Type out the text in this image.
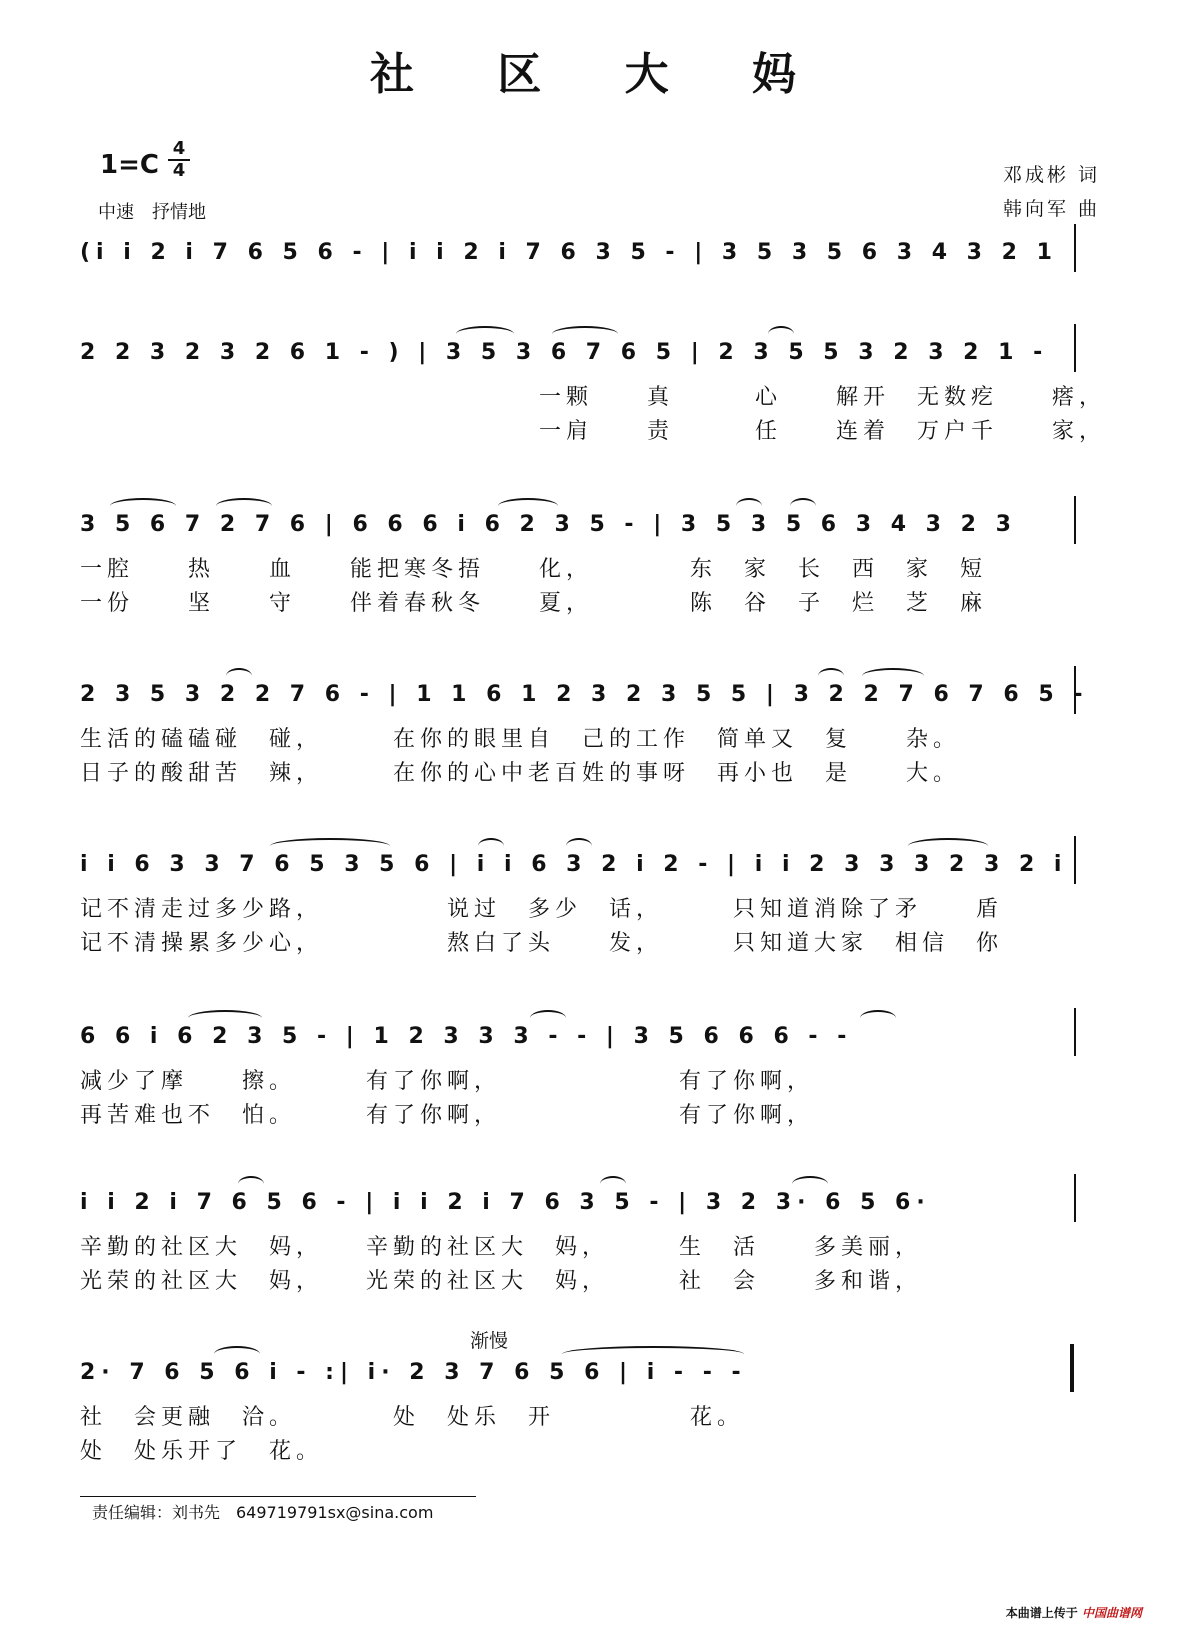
社 区 大 妈
1=C
4
4
中速　抒情地
邓成彬 词
韩向军 曲
(i i 2 i 7 6 5 6 - | i i 2 i 7 6 3 5 - | 3 5 3 5 6 3 4 3 2 1
2 2 3 2 3 2 6 1 - ) | 3 5 3 6 7 6 5 | 2 3 5 5 3 2 3 2 1 -
　　　　　　　　　　　　　　　　　一颗　　真　　　心　　解开　无数疙　　瘩，
　　　　　　　　　　　　　　　　　一肩　　责　　　任　　连着　万户千　　家，
3 5 6 7 2 7 6 | 6 6 6 i 6 2 3 5 - | 3 5 3 5 6 3 4 3 2 3
一腔　　热　　血　　能把寒冬捂　　化，　　　　东　家　长　西　家　短
一份　　坚　　守　　伴着春秋冬　　夏，　　　　陈　谷　子　烂　芝　麻
2 3 5 3 2 2 7 6 - | 1 1 6 1 2 3 2 3 5 5 | 3 2 2 7 6 7 6 5 -
生活的磕磕碰　碰，　　　在你的眼里自　己的工作　简单又　复　　杂。
日子的酸甜苦　辣，　　　在你的心中老百姓的事呀　再小也　是　　大。
i i 6 3 3 7 6 5 3 5 6 | i i 6 3 2 i 2 - | i i 2 3 3 3 2 3 2 i
记不清走过多少路，　　　　　说过　多少　话，　　　只知道消除了矛　　盾
记不清操累多少心，　　　　　熬白了头　　发，　　　只知道大家　相信　你
6 6 i 6 2 3 5 - | 1 2 3 3 3 - - | 3 5 6 6 6 - -
减少了摩　　擦。　　　有了你啊，　　　　　　　有了你啊，
再苦难也不　怕。　　　有了你啊，　　　　　　　有了你啊，
i i 2 i 7 6 5 6 - | i i 2 i 7 6 3 5 - | 3 2 3· 6 5 6·
辛勤的社区大　妈，　　辛勤的社区大　妈，　　　生　活　　多美丽，
光荣的社区大　妈，　　光荣的社区大　妈，　　　社　会　　多和谐，
渐慢
2· 7 6 5 6 i - :| i· 2 3 7 6 5 6 | i - - -
社　会更融　洽。　　　　处　处乐　开　　　　　花。
处　处乐开了　花。
责任编辑：刘书先　649719791sx@sina.com
本曲谱上传于 中国曲谱网
